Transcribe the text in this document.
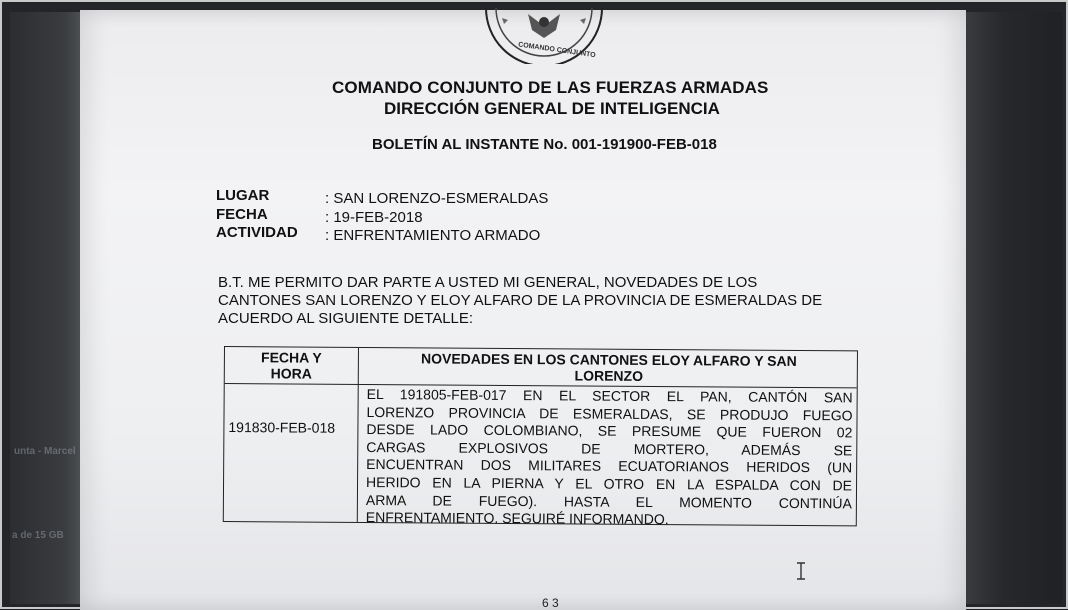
unta - Marcel
a de 15 GB
COMANDO CONJUNTO
COMANDO CONJUNTO DE LAS FUERZAS ARMADAS
DIRECCIÓN GENERAL DE INTELIGENCIA
BOLETÍN AL INSTANTE No. 001-191900-FEB-018
LUGAR	: SAN LORENZO-ESMERALDAS
FECHA	: 19-FEB-2018
ACTIVIDAD : ENFRENTAMIENTO ARMADO
B.T. ME PERMITO DAR PARTE A USTED MI GENERAL, NOVEDADES DE LOS
CANTONES SAN LORENZO Y ELOY ALFARO DE LA PROVINCIA DE ESMERALDAS DE
ACUERDO AL SIGUIENTE DETALLE:
FECHA Y
HORA
NOVEDADES EN LOS CANTONES ELOY ALFARO Y SAN
LORENZO
191830-FEB-018
EL 191805-FEB-017 EN EL SECTOR EL PAN, CANTÓN SAN
LORENZO PROVINCIA DE ESMERALDAS, SE PRODUJO FUEGO
DESDE LADO COLOMBIANO, SE PRESUME QUE FUERON 02
CARGAS EXPLOSIVOS DE MORTERO, ADEMÁS SE
ENCUENTRAN DOS MILITARES ECUATORIANOS HERIDOS (UN
HERIDO EN LA PIERNA Y EL OTRO EN LA ESPALDA CON DE
ARMA DE FUEGO). HASTA EL MOMENTO CONTINÚA
ENFRENTAMIENTO. SEGUIRÉ INFORMANDO.
6 3
